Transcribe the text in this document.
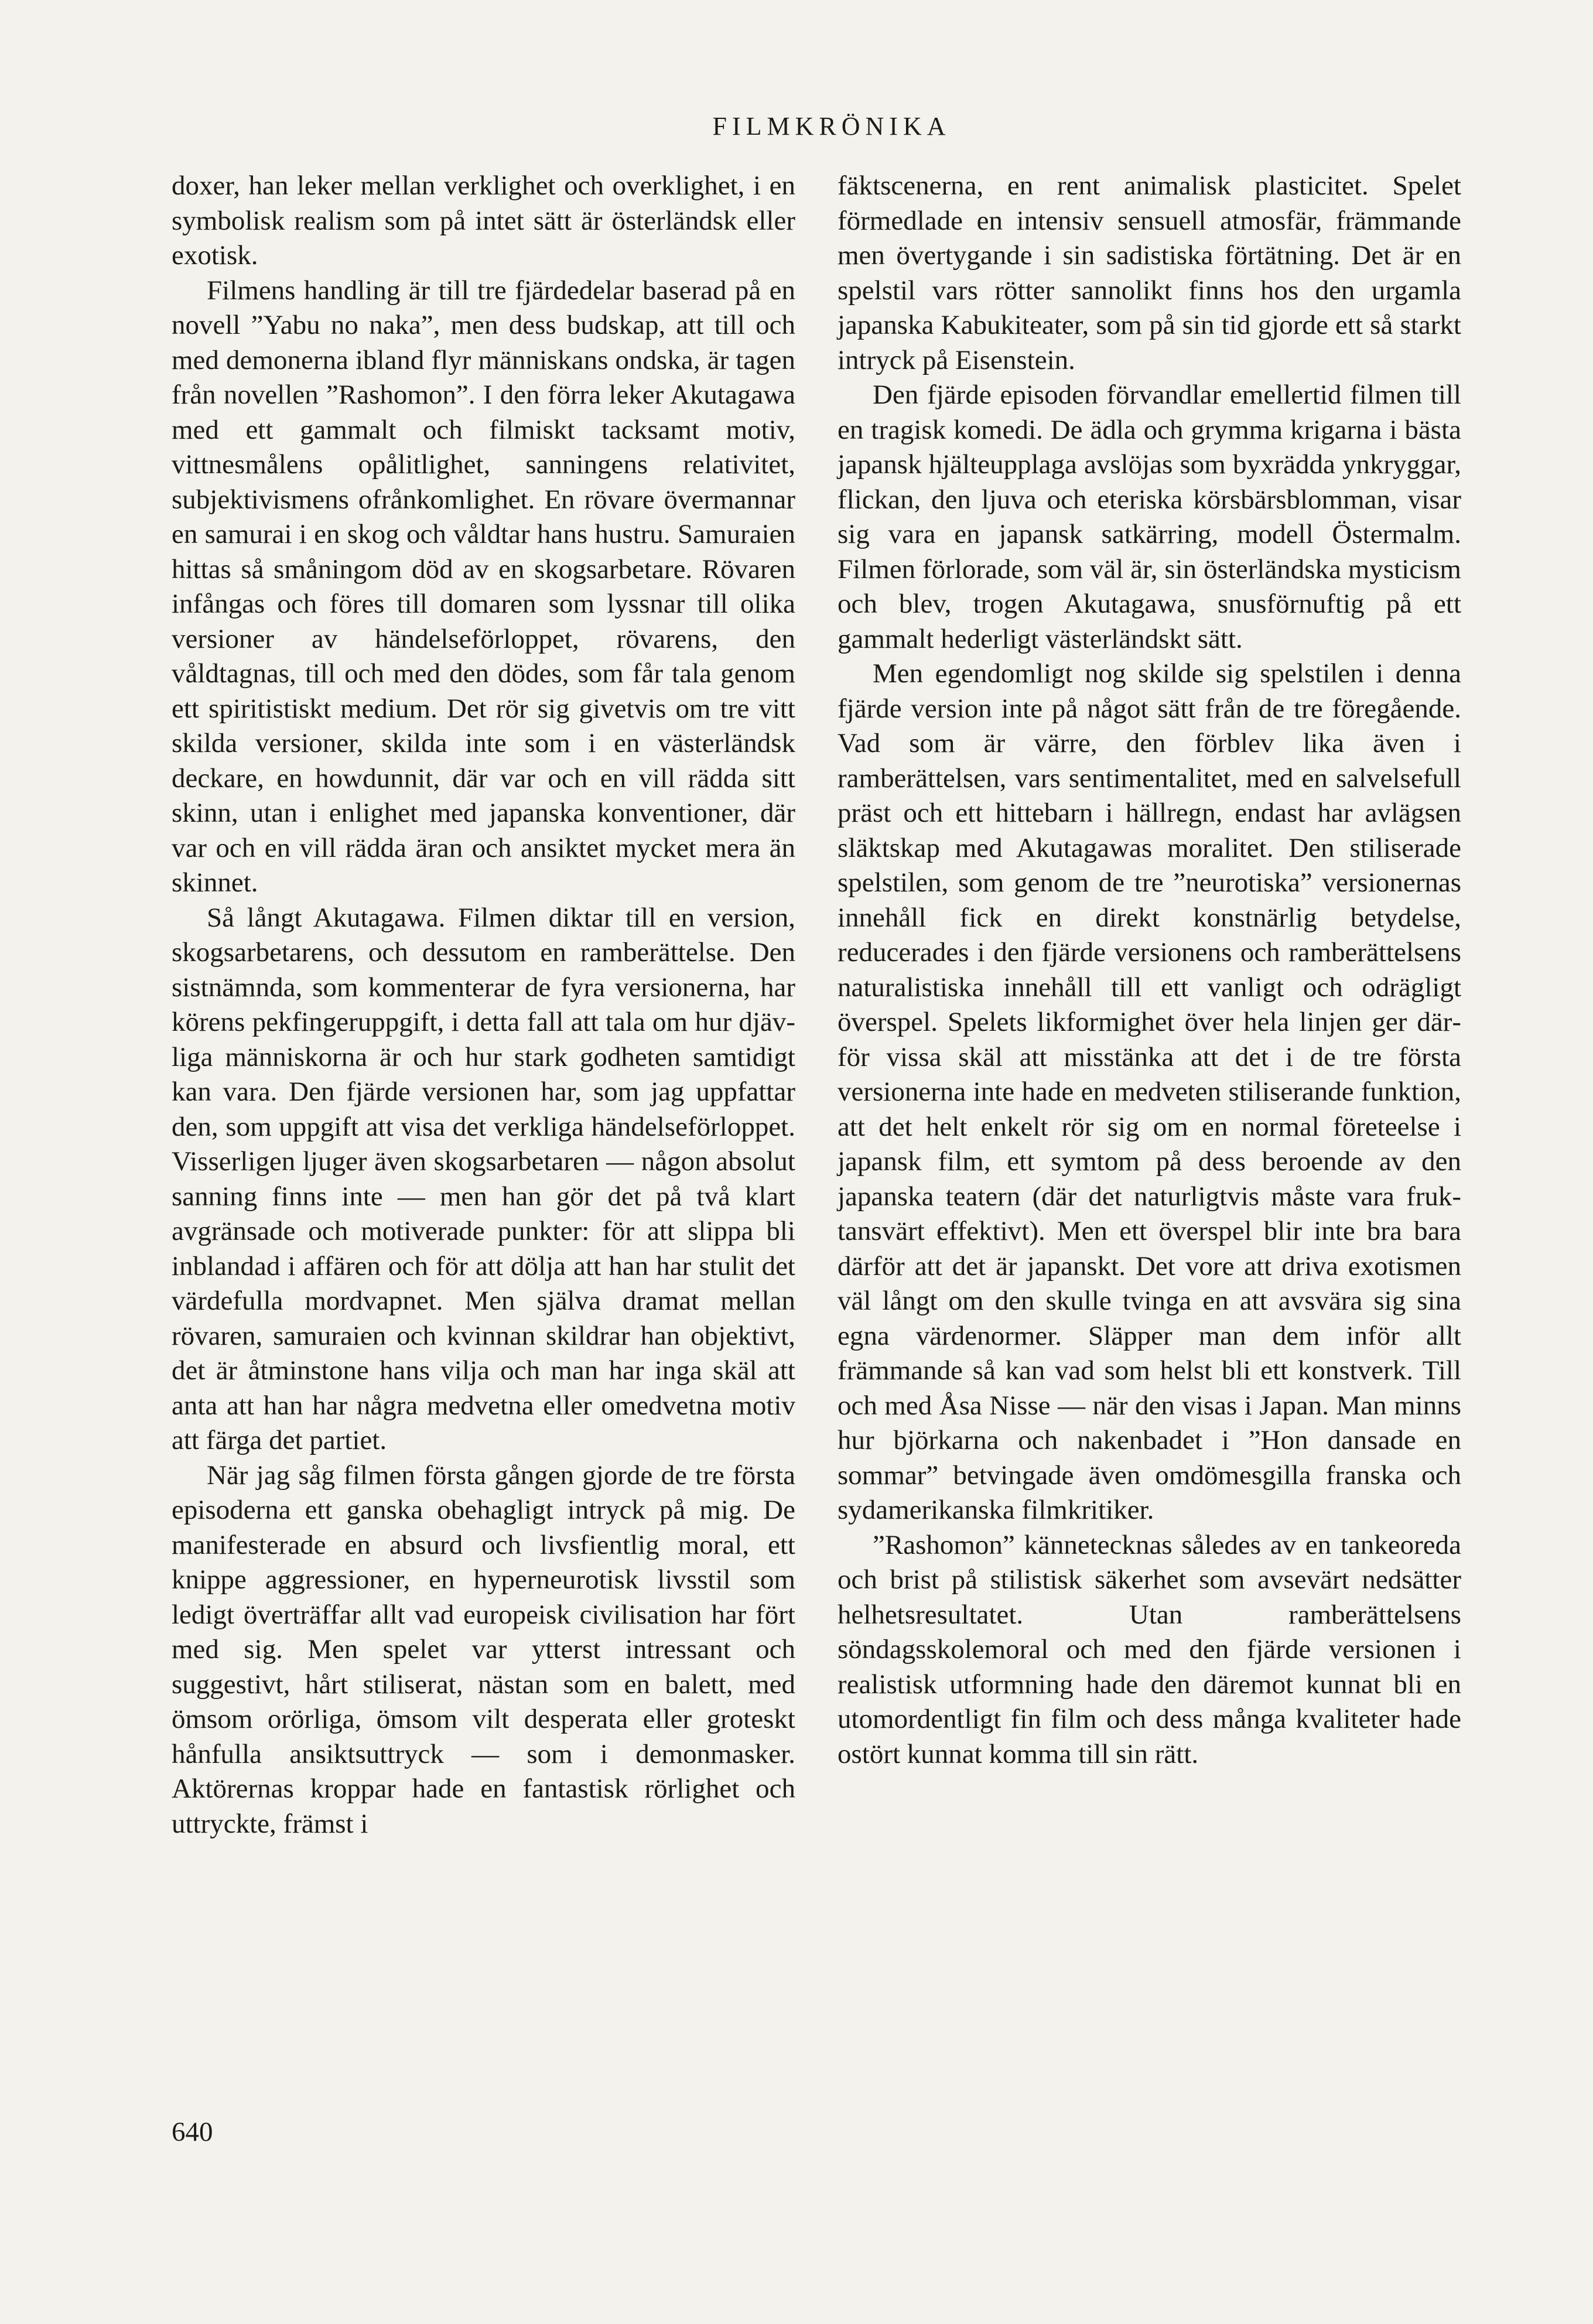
FILMKRÖNIKA

doxer, han leker mellan verklighet och overklighet, i en symbolisk realism som på intet sätt är österländsk eller exotisk.

Filmens handling är till tre fjärdedelar baserad på en novell ”Yabu no naka”, men dess budskap, att till och med demonerna ibland flyr människans ondska, är tagen från novellen ”Rashomon”. I den förra leker Akutagawa med ett gammalt och filmiskt tacksamt motiv, vittnesmålens opålitlighet, sanningens relativitet, subjektivismens ofrånkomlighet. En rövare övermannar en samurai i en skog och våldtar hans hustru. Samuraien hittas så småningom död av en skogsarbetare. Rövaren infångas och föres till domaren som lyssnar till olika versioner av händelseförloppet, rövarens, den våldtagnas, till och med den dödes, som får tala genom ett spiritistiskt medium. Det rör sig givetvis om tre vitt skilda versioner, skilda inte som i en västerländsk deckare, en howdunnit, där var och en vill rädda sitt skinn, utan i enlighet med japanska konventioner, där var och en vill rädda äran och ansiktet mycket mera än skinnet.

Så långt Akutagawa. Filmen diktar till en version, skogsarbetarens, och dessutom en ramberättelse. Den sistnämnda, som kommenterar de fyra versionerna, har körens pekfingeruppgift, i detta fall att tala om hur djävliga människorna är och hur stark godheten samtidigt kan vara. Den fjärde versionen har, som jag uppfattar den, som uppgift att visa det verkliga händelseförloppet. Visserligen ljuger även skogsarbetaren — någon absolut sanning finns inte — men han gör det på två klart avgränsade och motiverade punkter: för att slippa bli inblandad i affären och för att dölja att han har stulit det värdefulla mordvapnet. Men själva dramat mellan rövaren, samuraien och kvinnan skildrar han objektivt, det är åtminstone hans vilja och man har inga skäl att anta att han har några medvetna eller omedvetna motiv att färga det partiet.

När jag såg filmen första gången gjorde de tre första episoderna ett ganska obehagligt intryck på mig. De manifesterade en absurd och livsfientlig moral, ett knippe aggressioner, en hyperneurotisk livsstil som ledigt överträffar allt vad europeisk civilisation har fört med sig. Men spelet var ytterst intressant och suggestivt, hårt stiliserat, nästan som en balett, med ömsom orörliga, ömsom vilt desperata eller groteskt hånfulla ansiktsuttryck — som i demonmasker. Aktörernas kroppar hade en fantastisk rörlighet och uttryckte, främst i

fäktscenerna, en rent animalisk plasticitet. Spelet förmedlade en intensiv sensuell atmosfär, främmande men övertygande i sin sadistiska förtätning. Det är en spelstil vars rötter sannolikt finns hos den urgamla japanska Kabukiteater, som på sin tid gjorde ett så starkt intryck på Eisenstein.

Den fjärde episoden förvandlar emellertid filmen till en tragisk komedi. De ädla och grymma krigarna i bästa japansk hjälteupplaga avslöjas som byxrädda ynkryggar, flickan, den ljuva och eteriska körsbärsblomman, visar sig vara en japansk satkärring, modell Östermalm. Filmen förlorade, som väl är, sin österländska mysticism och blev, trogen Akutagawa, snusförnuftig på ett gammalt hederligt västerländskt sätt.

Men egendomligt nog skilde sig spelstilen i denna fjärde version inte på något sätt från de tre föregående. Vad som är värre, den förblev lika även i ramberättelsen, vars sentimentalitet, med en salvelsefull präst och ett hittebarn i hällregn, endast har avlägsen släktskap med Akutagawas moralitet. Den stiliserade spelstilen, som genom de tre ”neurotiska” versionernas innehåll fick en direkt konstnärlig betydelse, reducerades i den fjärde versionens och ramberättelsens naturalistiska innehåll till ett vanligt och odrägligt överspel. Spelets likformighet över hela linjen ger därför vissa skäl att misstänka att det i de tre första versionerna inte hade en medveten stiliserande funktion, att det helt enkelt rör sig om en normal företeelse i japansk film, ett symtom på dess beroende av den japanska teatern (där det naturligtvis måste vara fruktansvärt effektivt). Men ett överspel blir inte bra bara därför att det är japanskt. Det vore att driva exotismen väl långt om den skulle tvinga en att avsvära sig sina egna värdenormer. Släpper man dem inför allt främmande så kan vad som helst bli ett konstverk. Till och med Åsa Nisse — när den visas i Japan. Man minns hur björkarna och nakenbadet i ”Hon dansade en sommar” betvingade även omdömesgilla franska och sydamerikanska filmkritiker.

”Rashomon” kännetecknas således av en tankeoreda och brist på stilistisk säkerhet som avsevärt nedsätter helhetsresultatet. Utan ramberättelsens söndagsskolemoral och med den fjärde versionen i realistisk utformning hade den däremot kunnat bli en utomordentligt fin film och dess många kvaliteter hade ostört kunnat komma till sin rätt.

640
